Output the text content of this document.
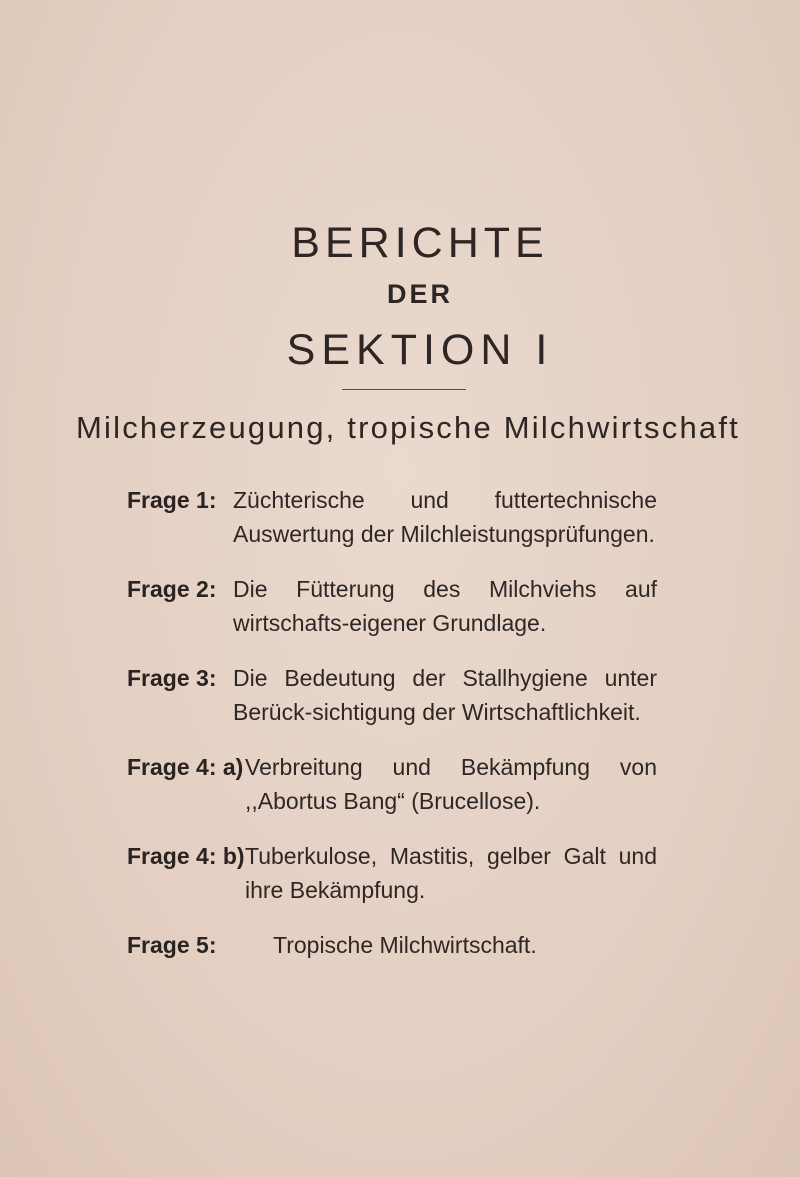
BERICHTE
DER
SEKTION I
Milcherzeugung, tropische Milchwirtschaft
Frage 1: Züchterische und futtertechnische Auswertung der Milchleistungsprüfungen.
Frage 2: Die Fütterung des Milchviehs auf wirtschafts-eigener Grundlage.
Frage 3: Die Bedeutung der Stallhygiene unter Berück-sichtigung der Wirtschaftlichkeit.
Frage 4: a) Verbreitung und Bekämpfung von ,,Abortus Bang“ (Brucellose).
Frage 4: b) Tuberkulose, Mastitis, gelber Galt und ihre Bekämpfung.
Frage 5:	Tropische Milchwirtschaft.
